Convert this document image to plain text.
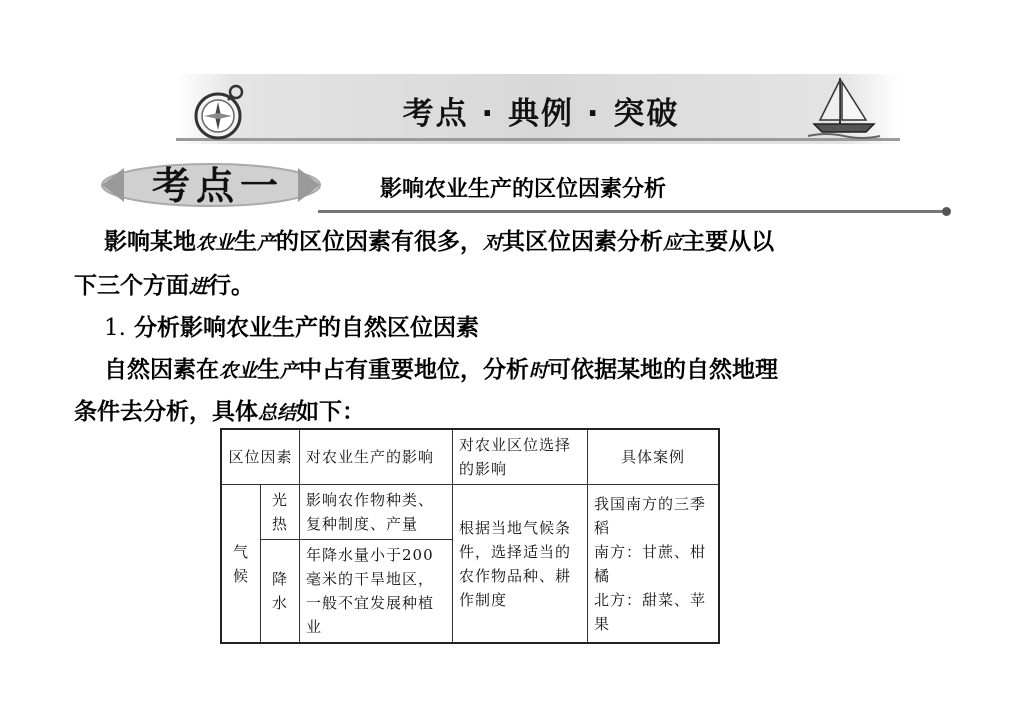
考点 · 典例 · 突破
考点一	影响农业生产的区位因素分析
影响某地农业生产的区位因素有很多，对其区位因素分析应主要从以
下三个方面进行。
1. 分析影响农业生产的自然区位因素
自然因素在农业生产中占有重要地位，分析时可依据某地的自然地理
条件去分析，具体总结如下：
区位因素		对农业生产的影响	对农业区位选择的影响	具体案例
气候	光热	影响农作物种类、复种制度、产量	根据当地气候条件，选择适当的农作物品种、耕作制度	我国南方的三季稻
南方：甘蔗、柑橘
北方：甜菜、苹果

	降水	年降水量小于200毫米的干旱地区，一般不宜发展种植业		
